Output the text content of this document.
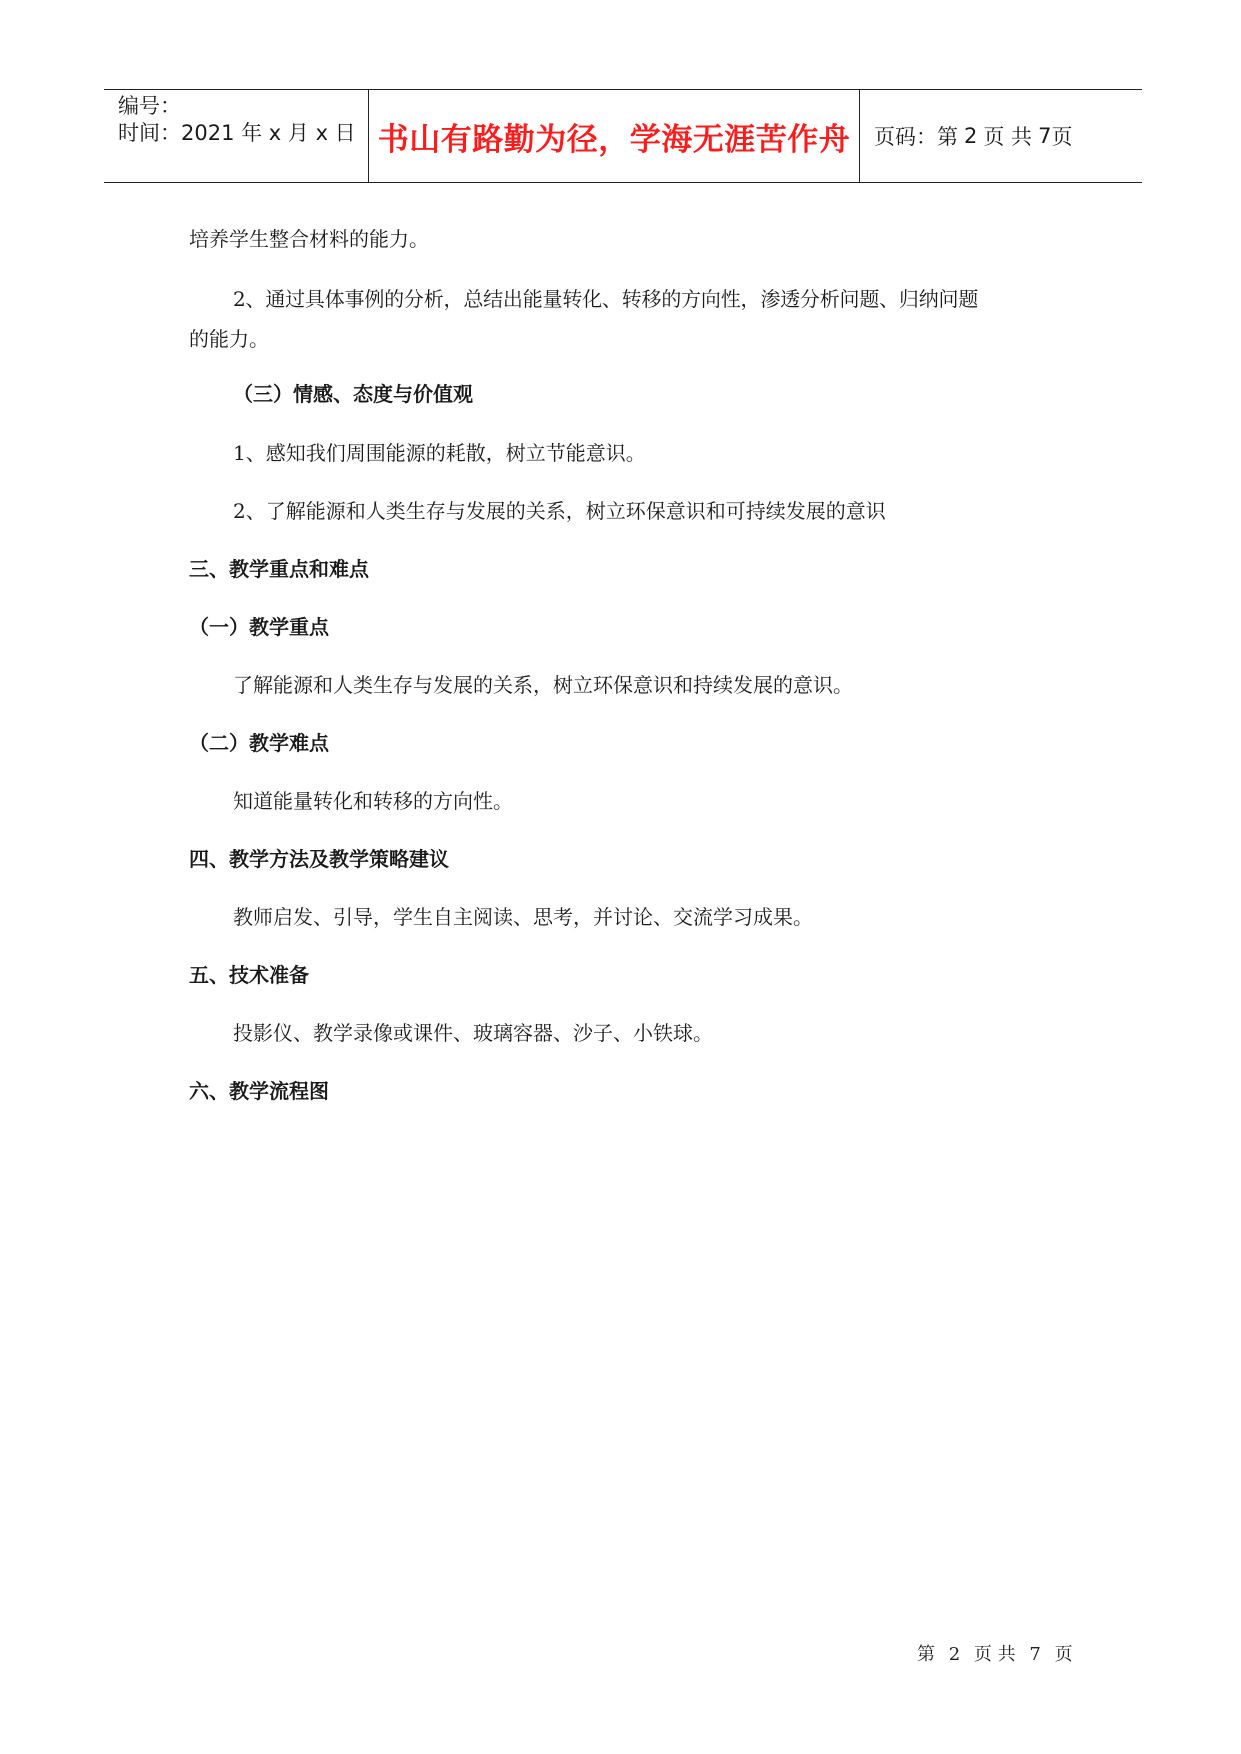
编号：
时间：2021 年 x 月 x 日 书山有路勤为径，学海无涯苦作舟 页码：第 2 页 共 7 页
培养学生整合材料的能力。
2、通过具体事例的分析，总结出能量转化、转移的方向性，渗透分析问题、归纳问题
的能力。
（三）情感、态度与价值观
1、感知我们周围能源的耗散，树立节能意识。
2、了解能源和人类生存与发展的关系，树立环保意识和可持续发展的意识
三、教学重点和难点
（一）教学重点
了解能源和人类生存与发展的关系，树立环保意识和持续发展的意识。
（二）教学难点
知道能量转化和转移的方向性。
四、教学方法及教学策略建议
教师启发、引导，学生自主阅读、思考，并讨论、交流学习成果。
五、技术准备
投影仪、教学录像或课件、玻璃容器、沙子、小铁球。
六、教学流程图
第 2 页 共 7 页
